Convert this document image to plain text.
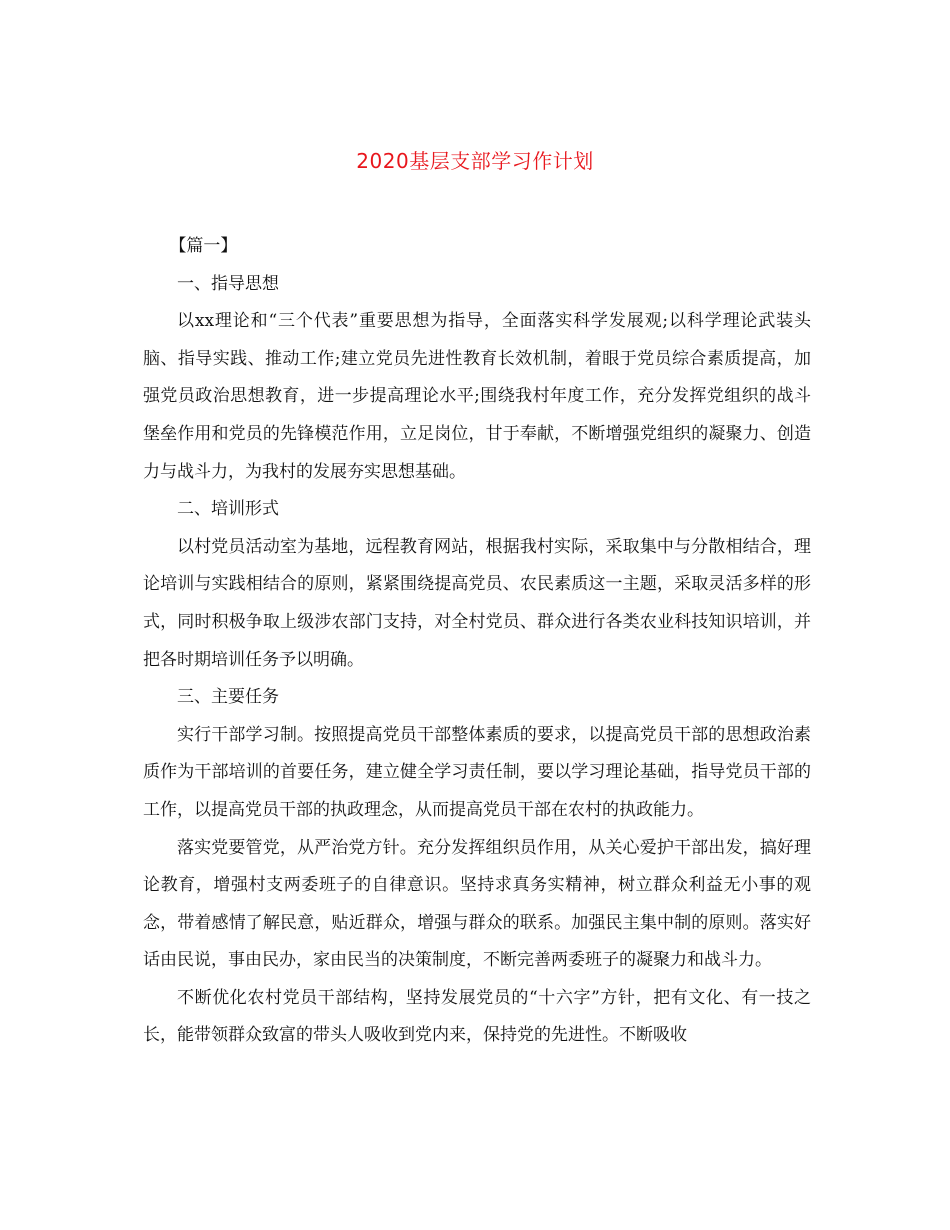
2020基层支部学习作计划

【篇一】

一、指导思想

以xx理论和“三个代表”重要思想为指导，全面落实科学发展观;以科学理论武装头脑、指导实践、推动工作;建立党员先进性教育长效机制，着眼于党员综合素质提高，加强党员政治思想教育，进一步提高理论水平;围绕我村年度工作，充分发挥党组织的战斗堡垒作用和党员的先锋模范作用，立足岗位，甘于奉献，不断增强党组织的凝聚力、创造力与战斗力，为我村的发展夯实思想基础。

二、培训形式

以村党员活动室为基地，远程教育网站，根据我村实际，采取集中与分散相结合，理论培训与实践相结合的原则，紧紧围绕提高党员、农民素质这一主题，采取灵活多样的形式，同时积极争取上级涉农部门支持，对全村党员、群众进行各类农业科技知识培训，并把各时期培训任务予以明确。

三、主要任务

实行干部学习制。按照提高党员干部整体素质的要求，以提高党员干部的思想政治素质作为干部培训的首要任务，建立健全学习责任制，要以学习理论基础，指导党员干部的工作，以提高党员干部的执政理念，从而提高党员干部在农村的执政能力。

落实党要管党，从严治党方针。充分发挥组织员作用，从关心爱护干部出发，搞好理论教育，增强村支两委班子的自律意识。坚持求真务实精神，树立群众利益无小事的观念，带着感情了解民意，贴近群众，增强与群众的联系。加强民主集中制的原则。落实好话由民说，事由民办，家由民当的决策制度，不断完善两委班子的凝聚力和战斗力。

不断优化农村党员干部结构，坚持发展党员的“十六字”方针，把有文化、有一技之长，能带领群众致富的带头人吸收到党内来，保持党的先进性。不断吸收
